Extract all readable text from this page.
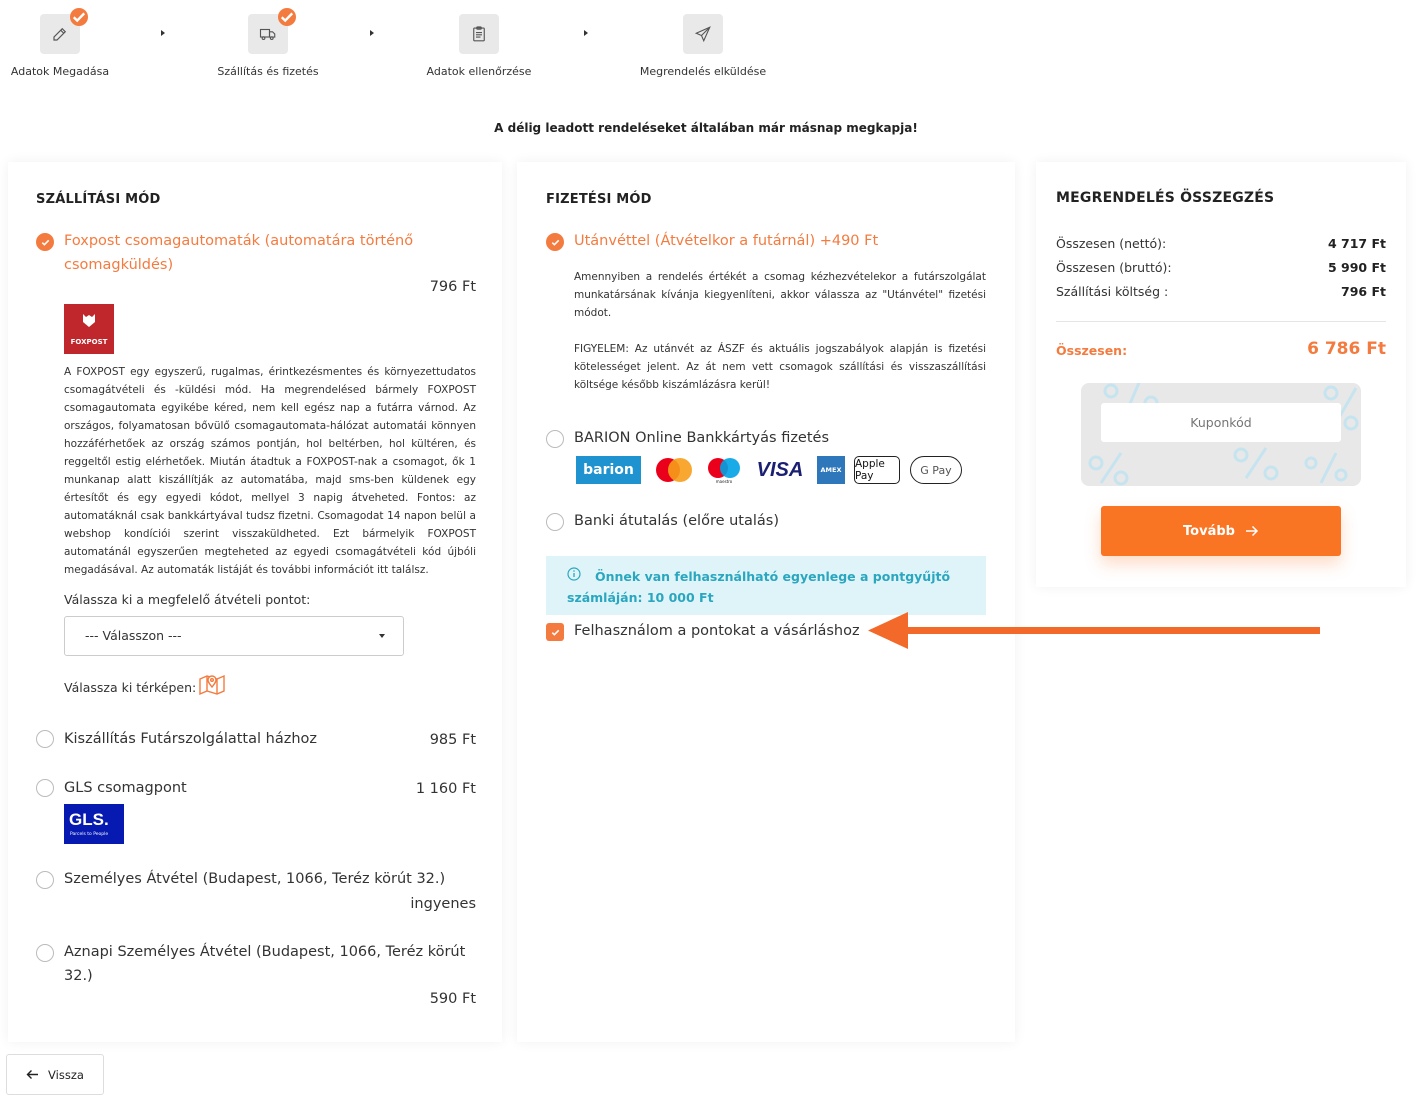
Adatok Megadása	Szállítás és fizetés	Adatok ellenőrzése	Megrendelés elküldése
A délig leadott rendeléseket általában már másnap megkapja!
SZÁLLÍTÁSI MÓD
Foxpost csomagautomaták (automatára történő csomagküldés)
796 Ft
FOXPOST
A FOXPOST egy egyszerű, rugalmas, érintkezésmentes és környezettudatos csomagátvételi és -küldési mód. Ha megrendelésed bármely FOXPOST csomagautomata egyikébe kéred, nem kell egész nap a futárra várnod. Az országos, folyamatosan bővülő csomagautomata-hálózat automatái könnyen hozzáférhetőek az ország számos pontján, hol beltérben, hol kültéren, és reggeltől estig elérhetőek. Miután átadtuk a FOXPOST-nak a csomagot, ők 1 munkanap alatt kiszállítják az automatába, majd sms-ben küldenek egy értesítőt és egy egyedi kódot, mellyel 3 napig átveheted. Fontos: az automatáknál csak bankkártyával tudsz fizetni. Csomagodat 14 napon belül a webshop kondíciói szerint visszaküldheted. Ezt bármelyik FOXPOST automatánál egyszerűen megteheted az egyedi csomagátvételi kód újbóli megadásával. Az automaták listáját és további információt itt találsz.
Válassza ki a megfelelő átvételi pontot:
--- Válasszon ---
Válassza ki térképen:
Kiszállítás Futárszolgálattal házhoz	985 Ft
GLS csomagpont	1 160 Ft
GLS.
Parcels to People
Személyes Átvétel (Budapest, 1066, Teréz körút 32.)
ingyenes
Aznapi Személyes Átvétel (Budapest, 1066, Teréz körút 32.)
590 Ft
FIZETÉSI MÓD
Utánvéttel (Átvételkor a futárnál) +490 Ft
Amennyiben a rendelés értékét a csomag kézhezvételekor a futárszolgálat munkatársának kívánja kiegyenlíteni, akkor válassza az "Utánvétel" fizetési módot.
FIGYELEM: Az utánvét az ÁSZF és aktuális jogszabályok alapján is fizetési kötelességet jelent. Az át nem vett csomagok szállítási és visszaszállítási költsége később kiszámlázásra kerül!
BARION Online Bankkártyás fizetés
barion
maestro
VISA	AMEX Apple Pay	G Pay
Banki átutalás (előre utalás)
Önnek van felhasználható egyenlege a pontgyűjtő számláján: 10 000 Ft
Felhasználom a pontokat a vásárláshoz
MEGRENDELÉS ÖSSZEGZÉS
Összesen (nettó):	4 717 Ft
Összesen (bruttó):	5 990 Ft
Szállítási költség :	796 Ft
Összesen:	6 786 Ft
Kuponkód
Tovább
Vissza
